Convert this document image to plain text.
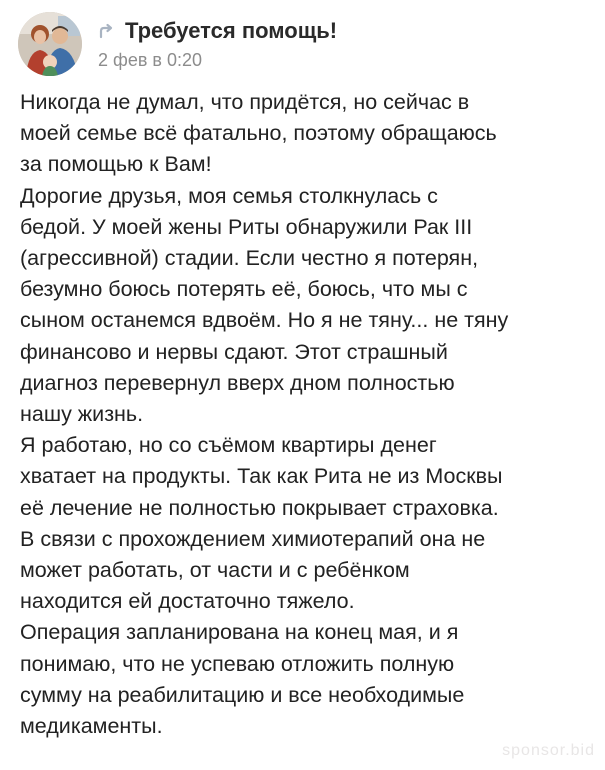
Требуется помощь!
2 фев в 0:20
Никогда не думал, что придётся, но сейчас в
моей семье всё фатально, поэтому обращаюсь
за помощью к Вам!
Дорогие друзья, моя семья столкнулась с
бедой. У моей жены Риты обнаружили Рак III
(агрессивной) стадии. Если честно я потерян,
безумно боюсь потерять её, боюсь, что мы с
сыном останемся вдвоём. Но я не тяну... не тяну
финансово и нервы сдают. Этот страшный
диагноз перевернул вверх дном полностью
нашу жизнь.
Я работаю, но со съёмом квартиры денег
хватает на продукты. Так как Рита не из Москвы
её лечение не полностью покрывает страховка.
В связи с прохождением химиотерапий она не
может работать, от части и с ребёнком
находится ей достаточно тяжело.
Операция запланирована на конец мая, и я
понимаю, что не успеваю отложить полную
сумму на реабилитацию и все необходимые
медикаменты.
sponsor.bid
